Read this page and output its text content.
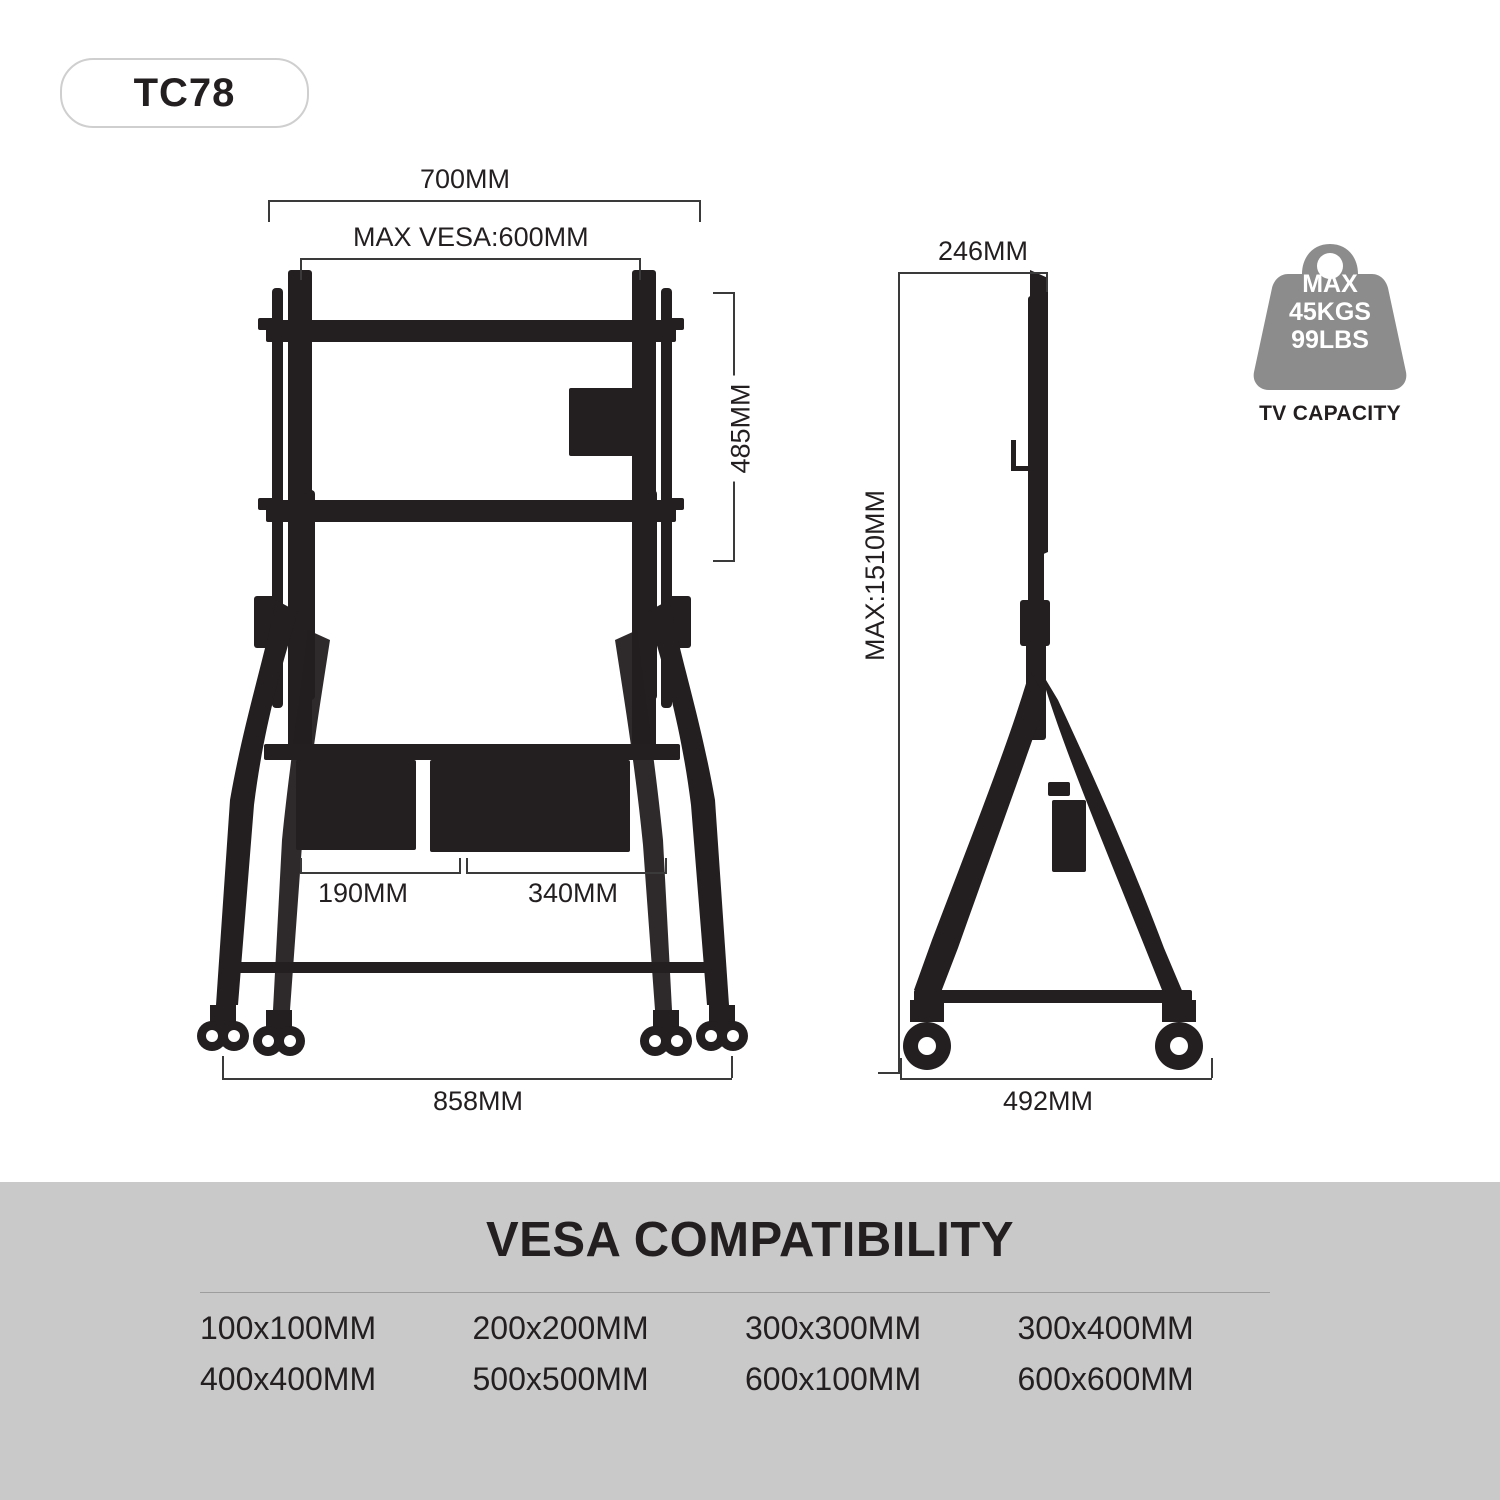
TC78
700MM
MAX VESA:600MM
485MM
190MM	340MM
858MM
246MM
MAX:1510MM
492MM
MAX
45KGS
99LBS
TV CAPACITY
VESA COMPATIBILITY
100x100MM	200x200MM	300x300MM	300x400MM
400x400MM	500x500MM	600x100MM	600x600MM
